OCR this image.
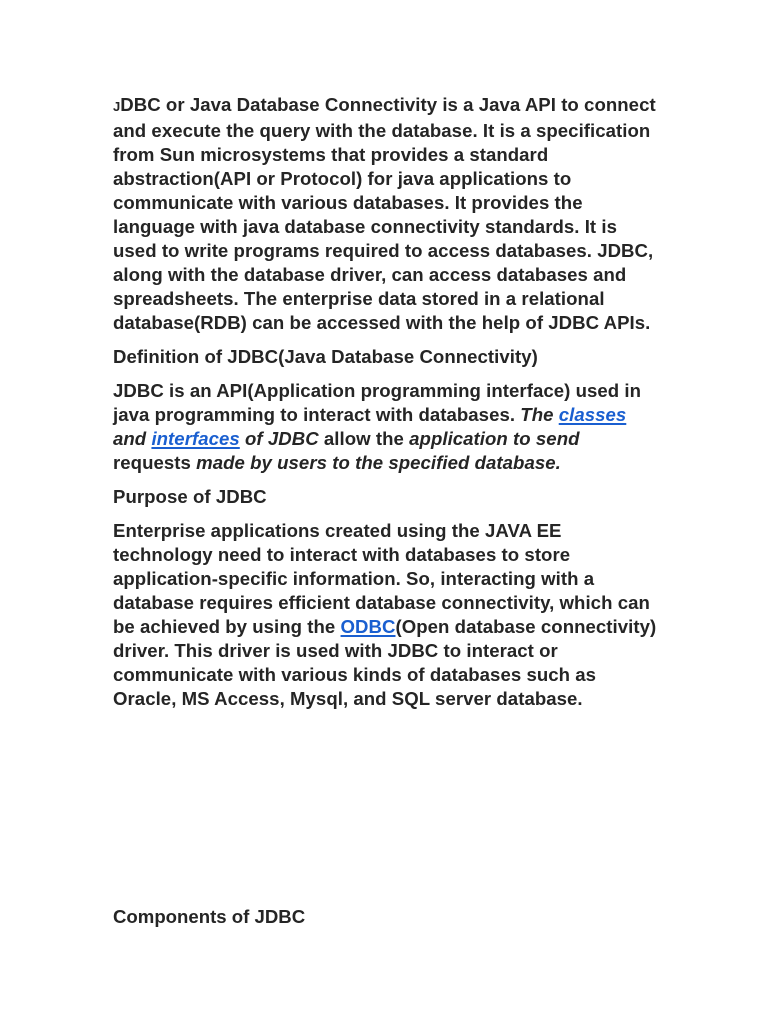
JDBC or Java Database Connectivity is a Java API to connect and execute the query with the database. It is a specification from Sun microsystems that provides a standard abstraction(API or Protocol) for java applications to communicate with various databases. It provides the language with java database connectivity standards. It is used to write programs required to access databases. JDBC, along with the database driver, can access databases and spreadsheets. The enterprise data stored in a relational database(RDB) can be accessed with the help of JDBC APIs.

Definition of JDBC(Java Database Connectivity)

JDBC is an API(Application programming interface) used in java programming to interact with databases. The classes and interfaces of JDBC allow the application to send requests made by users to the specified database.

Purpose of JDBC

Enterprise applications created using the JAVA EE technology need to interact with databases to store application-specific information. So, interacting with a database requires efficient database connectivity, which can be achieved by using the ODBC(Open database connectivity) driver. This driver is used with JDBC to interact or communicate with various kinds of databases such as Oracle, MS Access, Mysql, and SQL server database.

Components of JDBC
